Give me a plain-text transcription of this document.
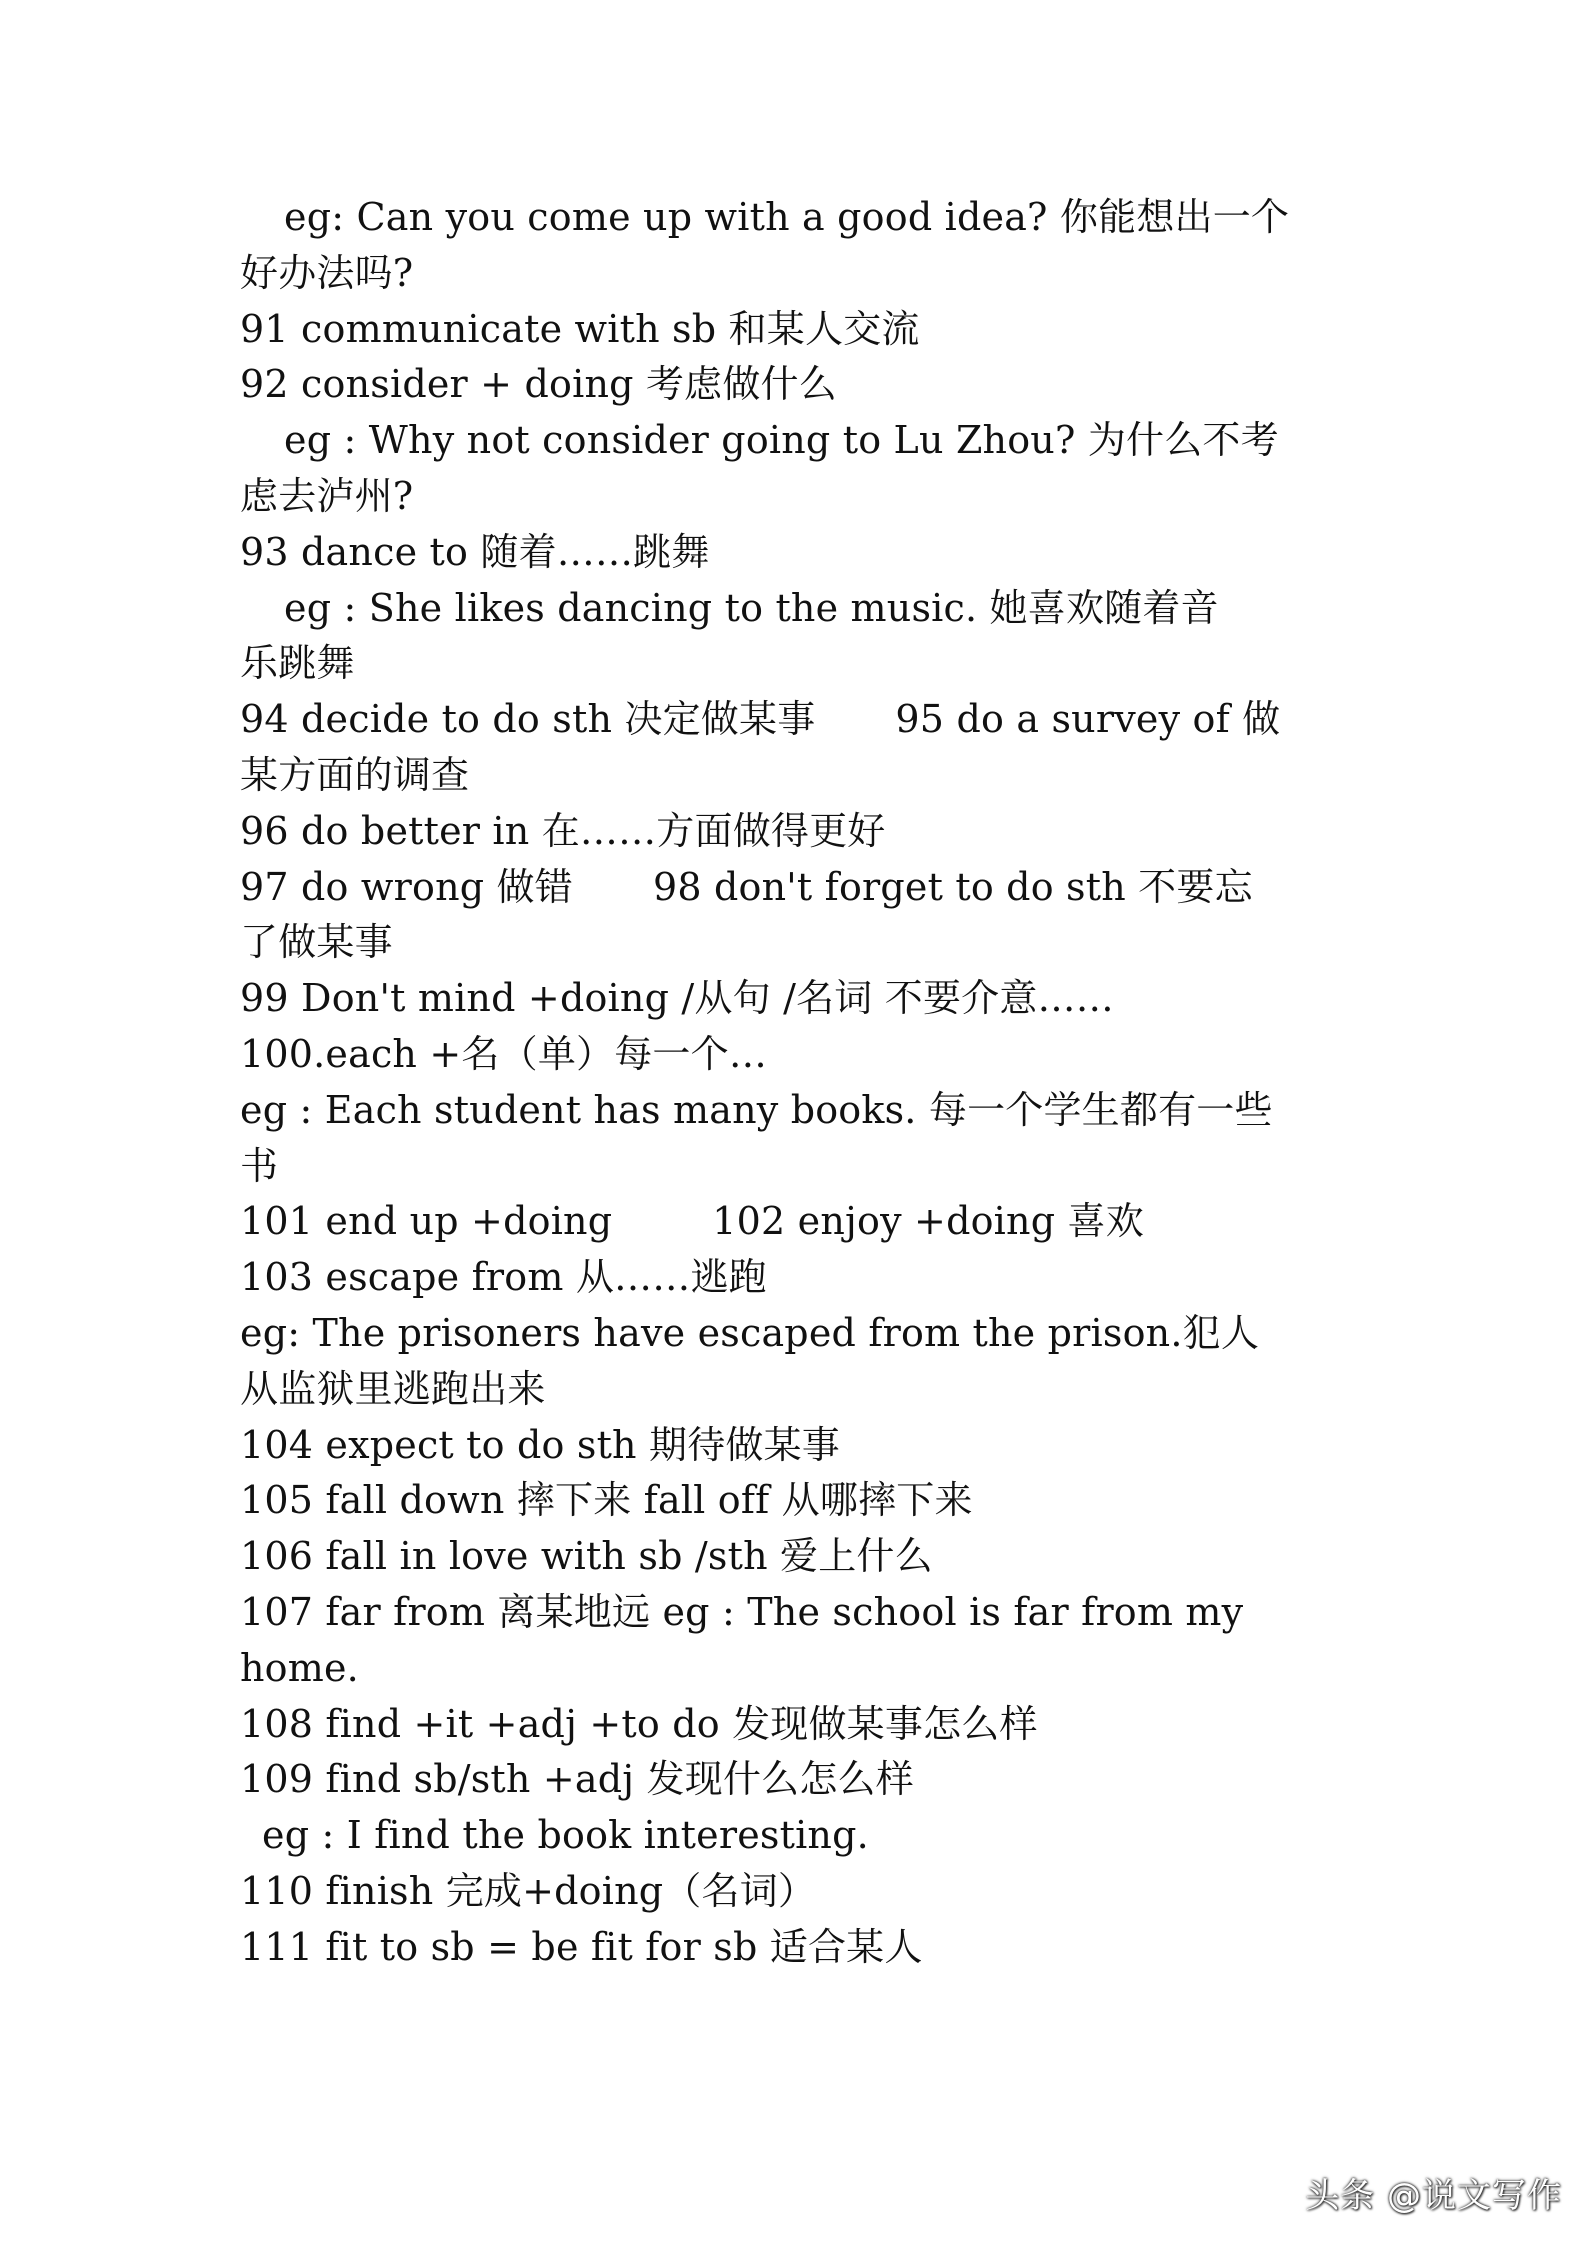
eg: Can you come up with a good idea? 你能想出一个
好办法吗?
91 communicate with sb 和某人交流
92 consider + doing 考虑做什么
eg : Why not consider going to Lu Zhou? 为什么不考
虑去泸州?
93 dance to 随着……跳舞
eg : She likes dancing to the music. 她喜欢随着音
乐跳舞
94 decide to do sth 决定做某事 95 do a survey of 做
某方面的调查
96 do better in 在……方面做得更好
97 do wrong 做错 98 don't forget to do sth 不要忘
了做某事
99 Don't mind +doing /从句 /名词 不要介意……
100.each +名（单）每一个…
eg : Each student has many books. 每一个学生都有一些
书
101 end up +doing	102 enjoy +doing 喜欢
103 escape from 从……逃跑
eg: The prisoners have escaped from the prison.犯人
从监狱里逃跑出来
104 expect to do sth 期待做某事
105 fall down 摔下来 fall off 从哪摔下来
106 fall in love with sb /sth 爱上什么
107 far from 离某地远 eg : The school is far from my
home.
108 find +it +adj +to do 发现做某事怎么样
109 find sb/sth +adj 发现什么怎么样
eg : I find the book interesting.
110 finish 完成+doing（名词）
111 fit to sb = be fit for sb 适合某人
头条 @说文写作
